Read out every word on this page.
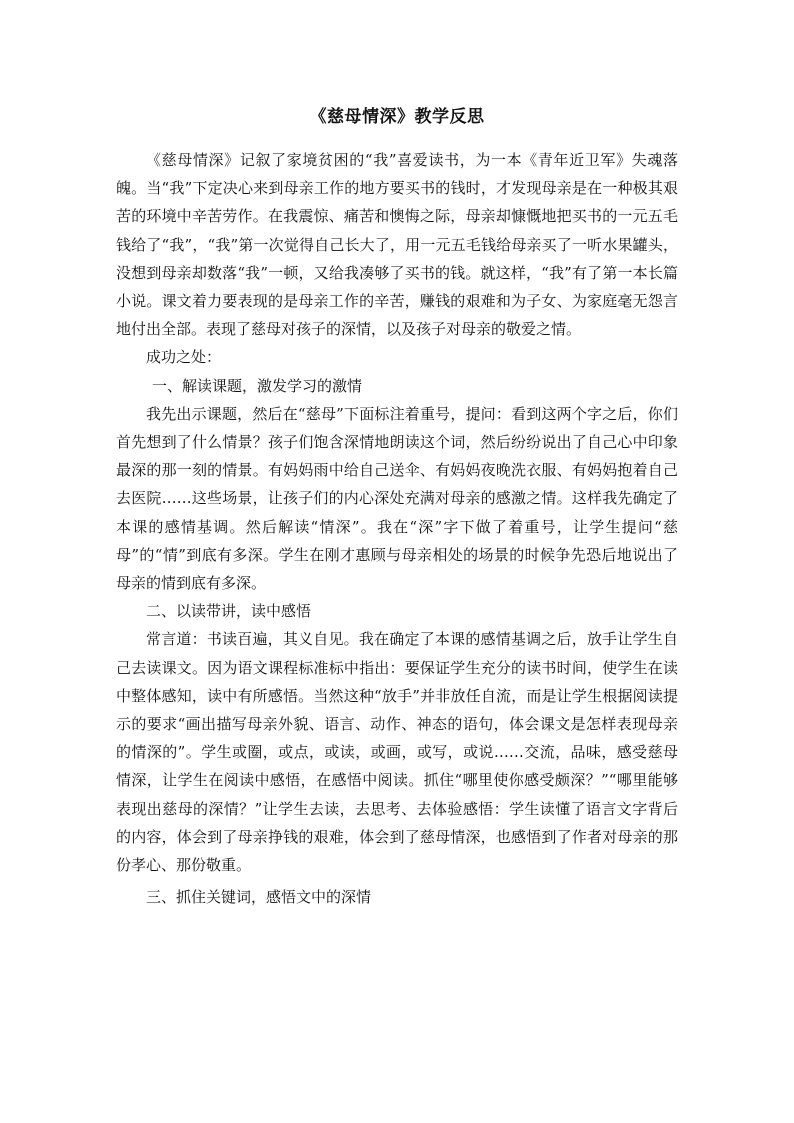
《慈母情深》教学反思

《慈母情深》记叙了家境贫困的“我”喜爱读书，为一本《青年近卫军》失魂落魄。当“我”下定决心来到母亲工作的地方要买书的钱时，才发现母亲是在一种极其艰苦的环境中辛苦劳作。在我震惊、痛苦和懊悔之际，母亲却慷慨地把买书的一元五毛钱给了“我”，“我”第一次觉得自己长大了，用一元五毛钱给母亲买了一听水果罐头，没想到母亲却数落“我”一顿，又给我凑够了买书的钱。就这样，“我”有了第一本长篇小说。课文着力要表现的是母亲工作的辛苦，赚钱的艰难和为子女、为家庭毫无怨言地付出全部。表现了慈母对孩子的深情，以及孩子对母亲的敬爱之情。

成功之处：

一、解读课题，激发学习的激情

我先出示课题，然后在“慈母”下面标注着重号，提问：看到这两个字之后，你们首先想到了什么情景？孩子们饱含深情地朗读这个词，然后纷纷说出了自己心中印象最深的那一刻的情景。有妈妈雨中给自己送伞、有妈妈夜晚洗衣服、有妈妈抱着自己去医院……这些场景，让孩子们的内心深处充满对母亲的感激之情。这样我先确定了本课的感情基调。然后解读“情深”。我在“深”字下做了着重号，让学生提问“慈母”的“情”到底有多深。学生在刚才惠顾与母亲相处的场景的时候争先恐后地说出了母亲的情到底有多深。

二、以读带讲，读中感悟

常言道：书读百遍，其义自见。我在确定了本课的感情基调之后，放手让学生自己去读课文。因为语文课程标准标中指出：要保证学生充分的读书时间，使学生在读中整体感知，读中有所感悟。当然这种“放手”并非放任自流，而是让学生根据阅读提示的要求“画出描写母亲外貌、语言、动作、神态的语句，体会课文是怎样表现母亲的情深的”。学生或圈，或点，或读，或画，或写，或说……交流，品味，感受慈母情深，让学生在阅读中感悟，在感悟中阅读。抓住“哪里使你感受颇深？”“哪里能够表现出慈母的深情？”让学生去读，去思考、去体验感悟：学生读懂了语言文字背后的内容，体会到了母亲挣钱的艰难，体会到了慈母情深，也感悟到了作者对母亲的那份孝心、那份敬重。

三、抓住关键词，感悟文中的深情
